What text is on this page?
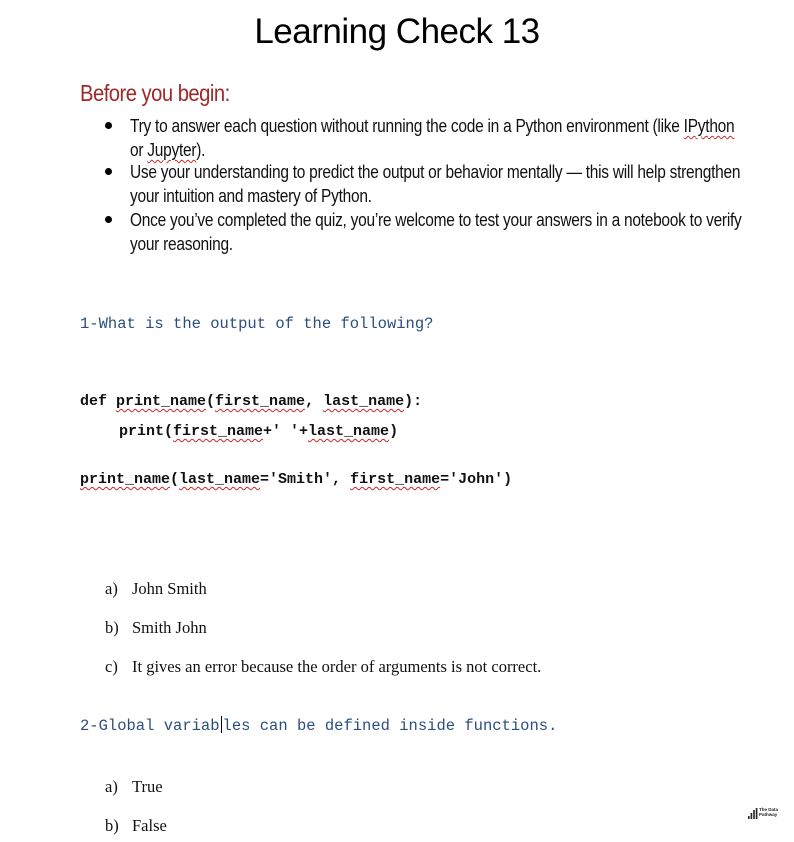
Learning Check 13
Before you begin:
Try to answer each question without running the code in a Python environment (like IPython or Jupyter).
Use your understanding to predict the output or behavior mentally — this will help strengthen your intuition and mastery of Python.
Once you’ve completed the quiz, you’re welcome to test your answers in a notebook to verify your reasoning.
1-What is the output of the following?
def print_name(first_name, last_name):
print(first_name+' '+last_name)
print_name(last_name='Smith', first_name='John')
a) John Smith
b) Smith John
c) It gives an error because the order of arguments is not correct.
2-Global variab les can be defined inside functions.
a) True
b) False
The Data
Pathway
